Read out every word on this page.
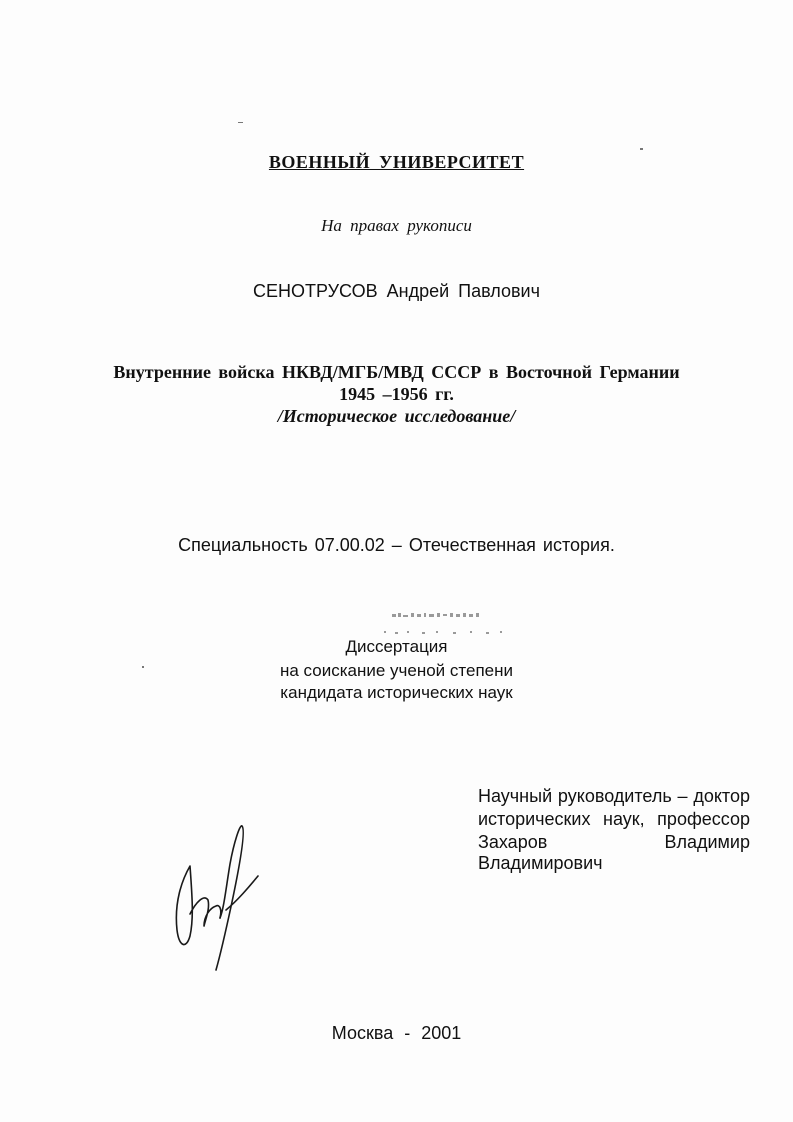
ВОЕННЫЙ УНИВЕРСИТЕТ
На правах рукописи
СЕНОТРУСОВ Андрей Павлович
Внутренние войска НКВД/МГБ/МВД СССР в Восточной Германии
1945 –1956 гг.
/Историческое исследование/
Специальность 07.00.02 – Отечественная история.
Диссертация
на соискание ученой степени
кандидата исторических наук
Научный руководитель – доктор
исторических наук, профессор
Захаров Владимир Владимирович
Москва - 2001
